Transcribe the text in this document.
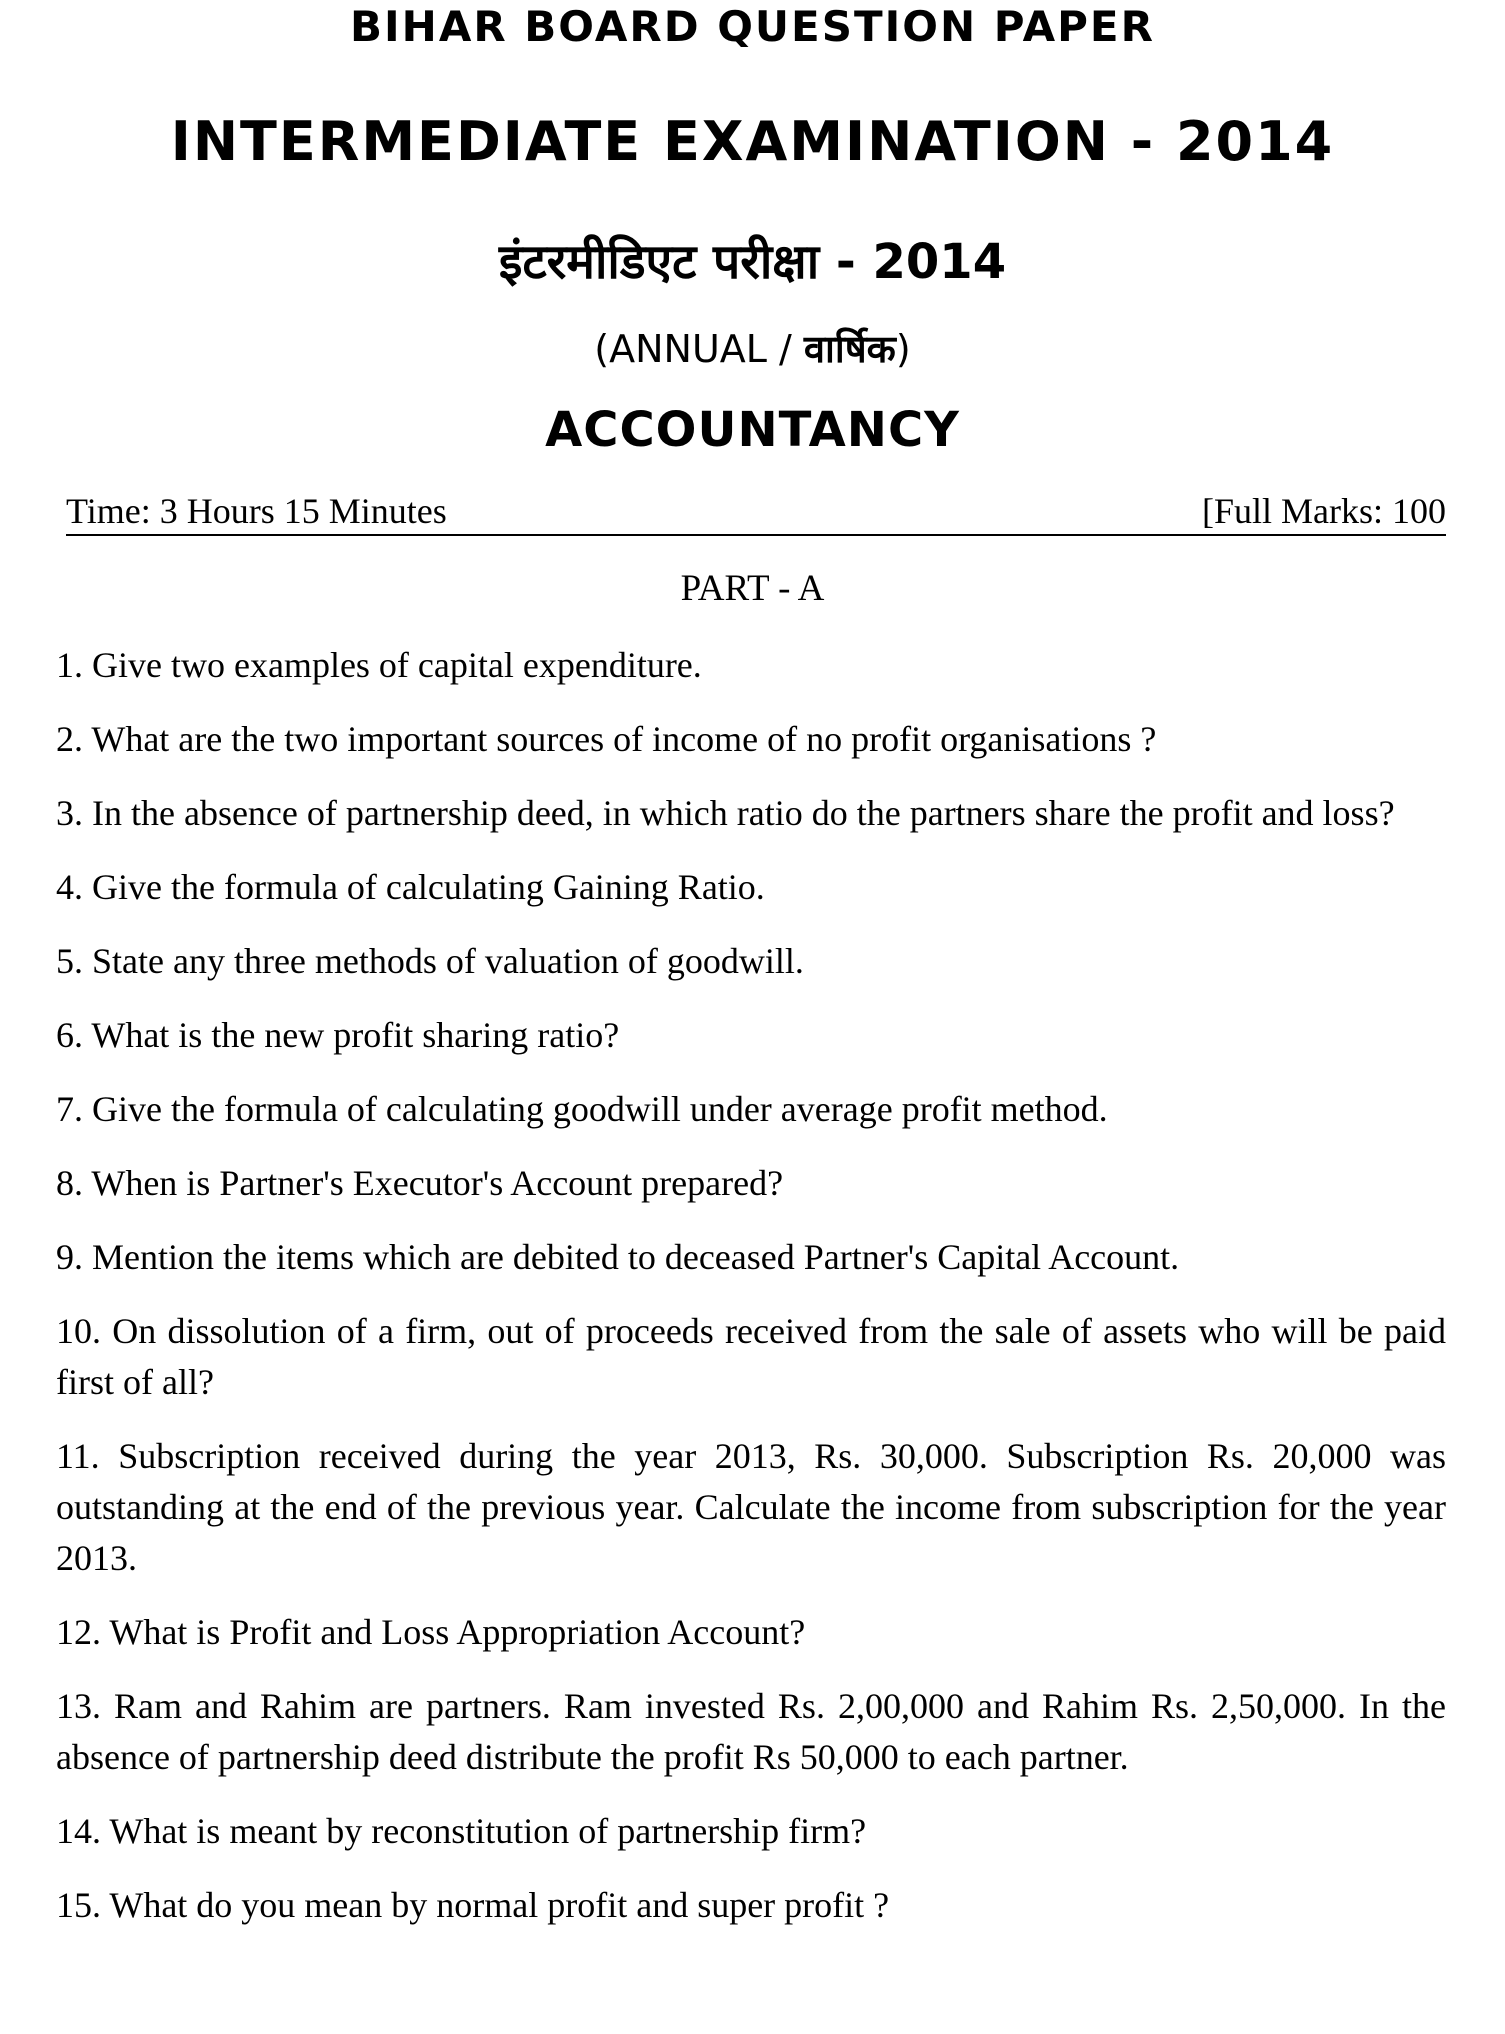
BIHAR BOARD QUESTION PAPER
INTERMEDIATE EXAMINATION - 2014
इंटरमीडिएट परीक्षा - 2014
(ANNUAL / वार्षिक)
ACCOUNTANCY
Time: 3 Hours 15 Minutes	[Full Marks: 100
PART - A

1. Give two examples of capital expenditure.

2. What are the two important sources of income of no profit organisations ?

3. In the absence of partnership deed, in which ratio do the partners share the profit and loss?

4. Give the formula of calculating Gaining Ratio.

5. State any three methods of valuation of goodwill.

6. What is the new profit sharing ratio?

7. Give the formula of calculating goodwill under average profit method.

8. When is Partner's Executor's Account prepared?

9. Mention the items which are debited to deceased Partner's Capital Account.

10. On dissolution of a firm, out of proceeds received from the sale of assets who will be paid first of all?

11. Subscription received during the year 2013, Rs. 30,000. Subscription Rs. 20,000 was outstanding at the end of the previous year. Calculate the income from subscription for the year 2013.

12. What is Profit and Loss Appropriation Account?

13. Ram and Rahim are partners. Ram invested Rs. 2,00,000 and Rahim Rs. 2,50,000. In the absence of partnership deed distribute the profit Rs 50,000 to each partner.

14. What is meant by reconstitution of partnership firm?

15. What do you mean by normal profit and super profit ?
